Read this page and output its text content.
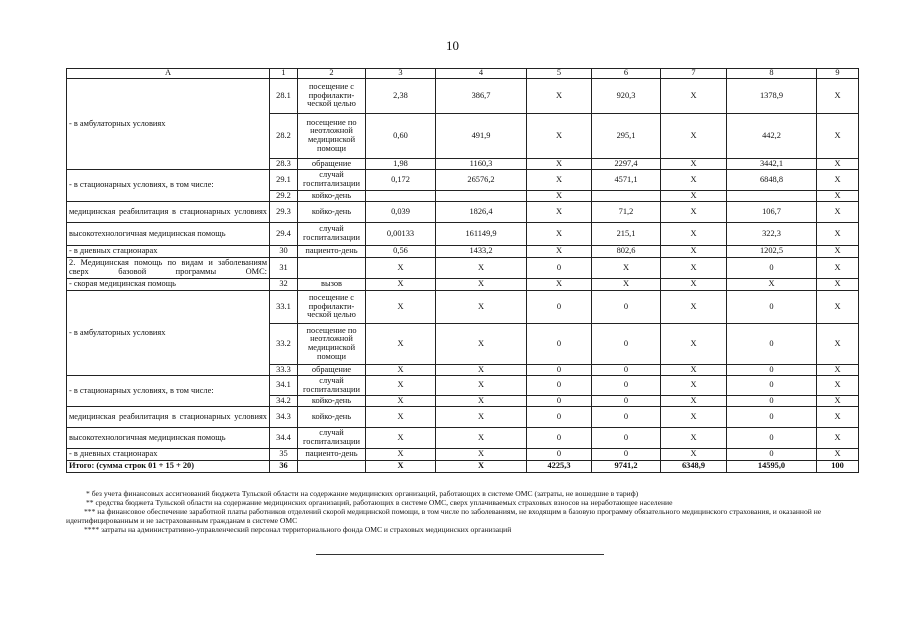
10
А	1	2	3	4	5	6	7	8	9
- в амбулаторных условиях	28.1	посещение с профилакти-ческой целью	2,38	386,7	X	920,3	X	1378,9	X
	28.2	посещение по неотложной медицинской помощи	0,60	491,9	X	295,1	X	442,2	X
	28.3	обращение	1,98	1160,3	X	2297,4	X	3442,1	X
- в стационарных условиях, в том числе:	29.1	случай госпитализации	0,172	26576,2	X	4571,1	X	6848,8	X
	29.2	койко-день			X		X		X
медицинская реабилитация в стационарных условиях	29.3	койко-день	0,039	1826,4	X	71,2	X	106,7	X
высокотехнологичная медицинская помощь	29.4	случай госпитализации	0,00133	161149,9	X	215,1	X	322,3	X
- в дневных стационарах	30	пациенто-день	0,56	1433,2	X	802,6	X	1202,5	X
2. Медицинская помощь по видам и заболеваниям сверх базовой программы ОМС:	31		X	X	0	X	X	0	X
- скорая медицинская помощь	32	вызов	X	X	X	X	X	X	X
- в амбулаторных условиях	33.1	посещение с профилакти-ческой целью	X	X	0	0	X	0	X
	33.2	посещение по неотложной медицинской помощи	X	X	0	0	X	0	X
	33.3	обращение	X	X	0	0	X	0	X
- в стационарных условиях, в том числе:	34.1	случай госпитализации	X	X	0	0	X	0	X
	34.2	койко-день	X	X	0	0	X	0	X
медицинская реабилитация в стационарных условиях	34.3	койко-день	X	X	0	0	X	0	X
высокотехнологичная медицинская помощь	34.4	случай госпитализации	X	X	0	0	X	0	X
- в дневных стационарах	35	пациенто-день	X	X	0	0	X	0	X
Итого: (сумма строк 01 + 15 + 20)	36		X	X	4225,3	9741,2	6348,9	14595,0	100

* без учета финансовых ассигнований бюджета Тульской области на содержание медицинских организаций, работающих в системе ОМС (затраты, не вошедшие в тариф)

** средства бюджета Тульской области на содержание медицинских организаций, работающих в системе ОМС, сверх уплачиваемых страховых взносов на неработающее население

*** на финансовое обеспечение заработной платы работников отделений скорой медицинской помощи, в том числе по заболеваниям, не входящим в базовую программу обязательного медицинского страхования, и оказанной не идентифицированным и не застрахованным гражданам в системе ОМС

**** затраты на административно-управленческий персонал территориального фонда ОМС и страховых медицинских организаций
